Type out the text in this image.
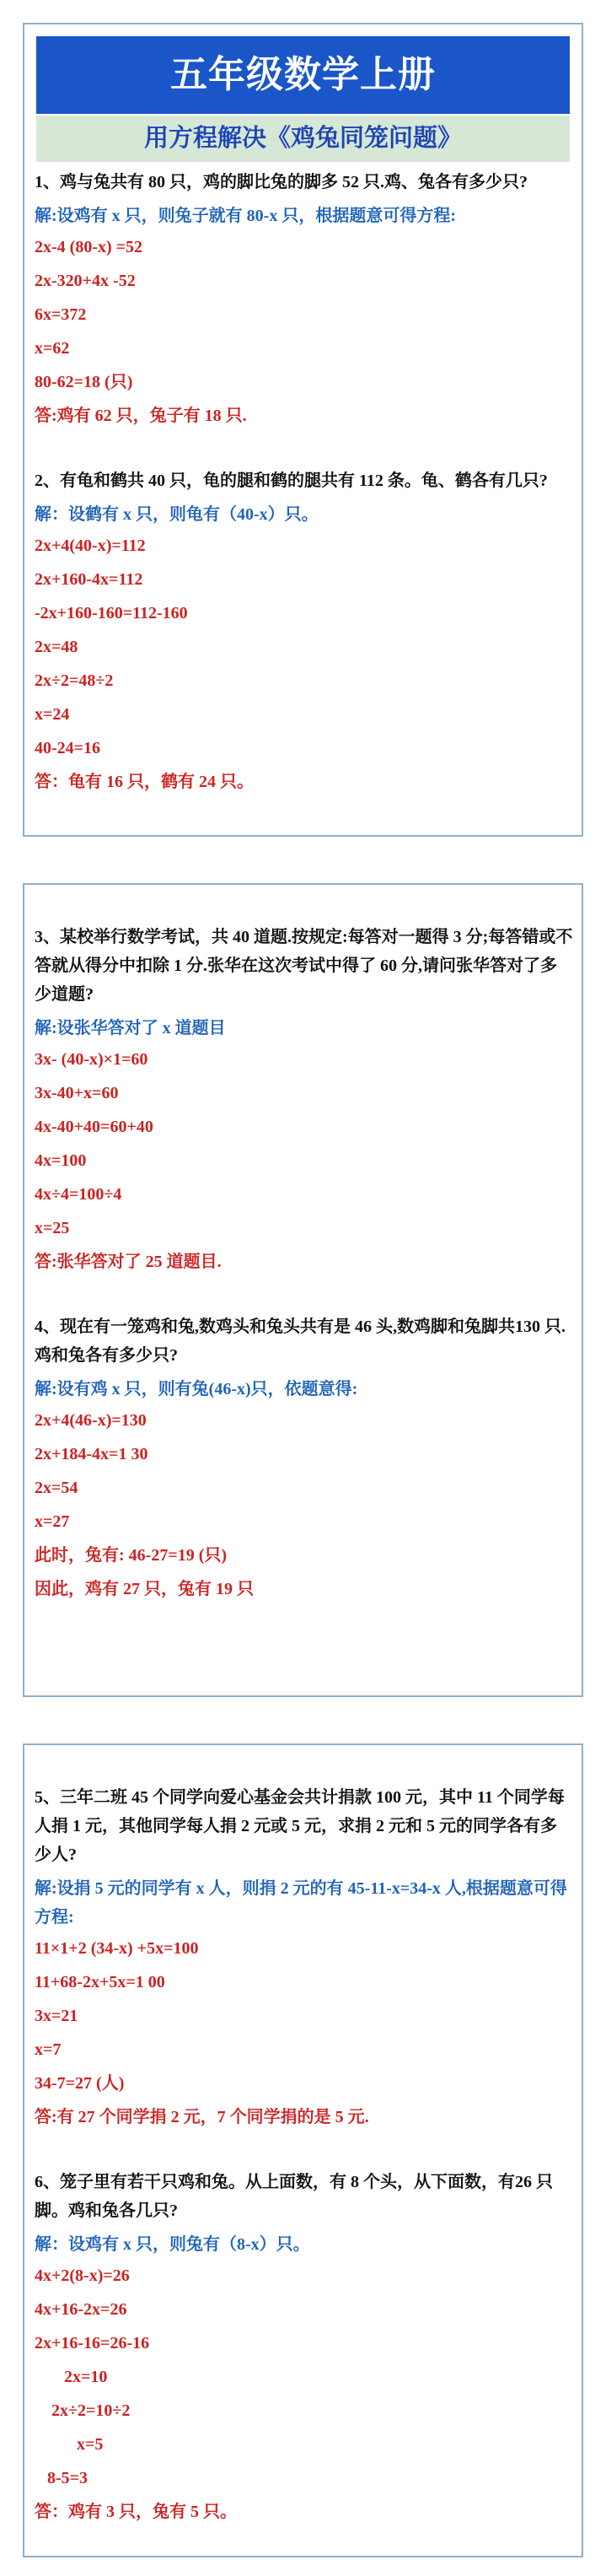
五年级数学上册
用方程解决《鸡兔同笼问题》
1、鸡与兔共有 80 只，鸡的脚比兔的脚多 52 只.鸡、兔各有多少只?
解:设鸡有 x 只，则兔子就有 80-x 只，根据题意可得方程:
2x-4 (80-x) =52
2x-320+4x -52
6x=372
x=62
80-62=18 (只)
答:鸡有 62 只，兔子有 18 只.
2、有龟和鹤共 40 只，龟的腿和鹤的腿共有 112 条。龟、鹤各有几只?
解：设鹤有 x 只，则龟有（40-x）只。
2x+4(40-x)=112
2x+160-4x=112
-2x+160-160=112-160
2x=48
2x÷2=48÷2
x=24
40-24=16
答：龟有 16 只，鹤有 24 只。
3、某校举行数学考试，共 40 道题.按规定:每答对一题得 3 分;每答错或不答就从得分中扣除 1 分.张华在这次考试中得了 60 分,请问张华答对了多少道题?
解:设张华答对了 x 道题目
3x- (40-x)×1=60
3x-40+x=60
4x-40+40=60+40
4x=100
4x÷4=100÷4
x=25
答:张华答对了 25 道题目.
4、现在有一笼鸡和兔,数鸡头和兔头共有是 46 头,数鸡脚和兔脚共130 只.鸡和兔各有多少只?
解:设有鸡 x 只，则有兔(46-x)只，依题意得:
2x+4(46-x)=130
2x+184-4x=1 30
2x=54
x=27
此时，兔有: 46-27=19 (只)
因此，鸡有 27 只，兔有 19 只
5、三年二班 45 个同学向爱心基金会共计捐款 100 元，其中 11 个同学每人捐 1 元，其他同学每人捐 2 元或 5 元，求捐 2 元和 5 元的同学各有多少人?
解:设捐 5 元的同学有 x 人，则捐 2 元的有 45-11-x=34-x 人,根据题意可得方程:
11×1+2 (34-x) +5x=100
11+68-2x+5x=1 00
3x=21
x=7
34-7=27 (人)
答:有 27 个同学捐 2 元，7 个同学捐的是 5 元.
6、笼子里有若干只鸡和兔。从上面数，有 8 个头，从下面数，有26 只脚。鸡和兔各几只?
解：设鸡有 x 只，则兔有（8-x）只。
4x+2(8-x)=26
4x+16-2x=26
2x+16-16=26-16
2x=10
2x÷2=10÷2
x=5
8-5=3
答：鸡有 3 只，兔有 5 只。
